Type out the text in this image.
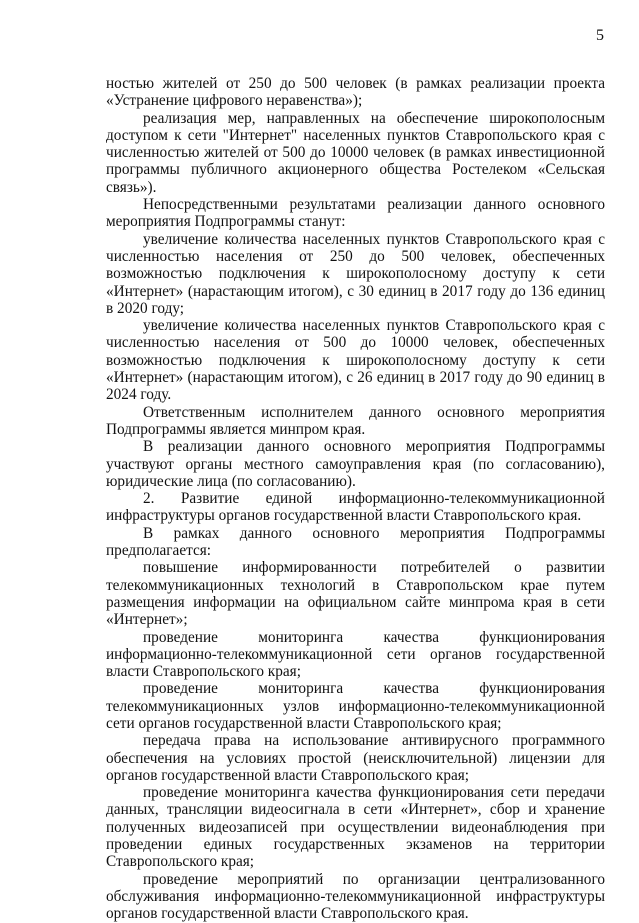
5

ностью жителей от 250 до 500 человек (в рамках реализации проекта «Устранение цифрового неравенства»);

реализация мер, направленных на обеспечение широкополосным доступом к сети "Интернет" населенных пунктов Ставропольского края с численностью жителей от 500 до 10000 человек (в рамках инвестиционной программы публичного акционерного общества Ростелеком «Сельская связь»).

Непосредственными результатами реализации данного основного мероприятия Подпрограммы станут:

увеличение количества населенных пунктов Ставропольского края с численностью населения от 250 до 500 человек, обеспеченных возможностью подключения к широкополосному доступу к сети «Интернет» (нарастающим итогом), с 30 единиц в 2017 году до 136 единиц в 2020 году;

увеличение количества населенных пунктов Ставропольского края с численностью населения от 500 до 10000 человек, обеспеченных возможностью подключения к широкополосному доступу к сети «Интернет» (нарастающим итогом), с 26 единиц в 2017 году до 90 единиц в 2024 году.

Ответственным исполнителем данного основного мероприятия Подпрограммы является минпром края.

В реализации данного основного мероприятия Подпрограммы участвуют органы местного самоуправления края (по согласованию), юридические лица (по согласованию).

2. Развитие единой информационно-телекоммуникационной инфраструктуры органов государственной власти Ставропольского края.

В рамках данного основного мероприятия Подпрограммы предполагается:

повышение информированности потребителей о развитии телекоммуникационных технологий в Ставропольском крае путем размещения информации на официальном сайте минпрома края в сети «Интернет»;

проведение мониторинга качества функционирования информационно-телекоммуникационной сети органов государственной власти Ставропольского края;

проведение мониторинга качества функционирования телекоммуникационных узлов информационно-телекоммуникационной сети органов государственной власти Ставропольского края;

передача права на использование антивирусного программного обеспечения на условиях простой (неисключительной) лицензии для органов государственной власти Ставропольского края;

проведение мониторинга качества функционирования сети передачи данных, трансляции видеосигнала в сети «Интернет», сбор и хранение полученных видеозаписей при осуществлении видеонаблюдения при проведении единых государственных экзаменов на территории Ставропольского края;

проведение мероприятий по организации централизованного обслуживания информационно-телекоммуникационной инфраструктуры органов государственной власти Ставропольского края.
